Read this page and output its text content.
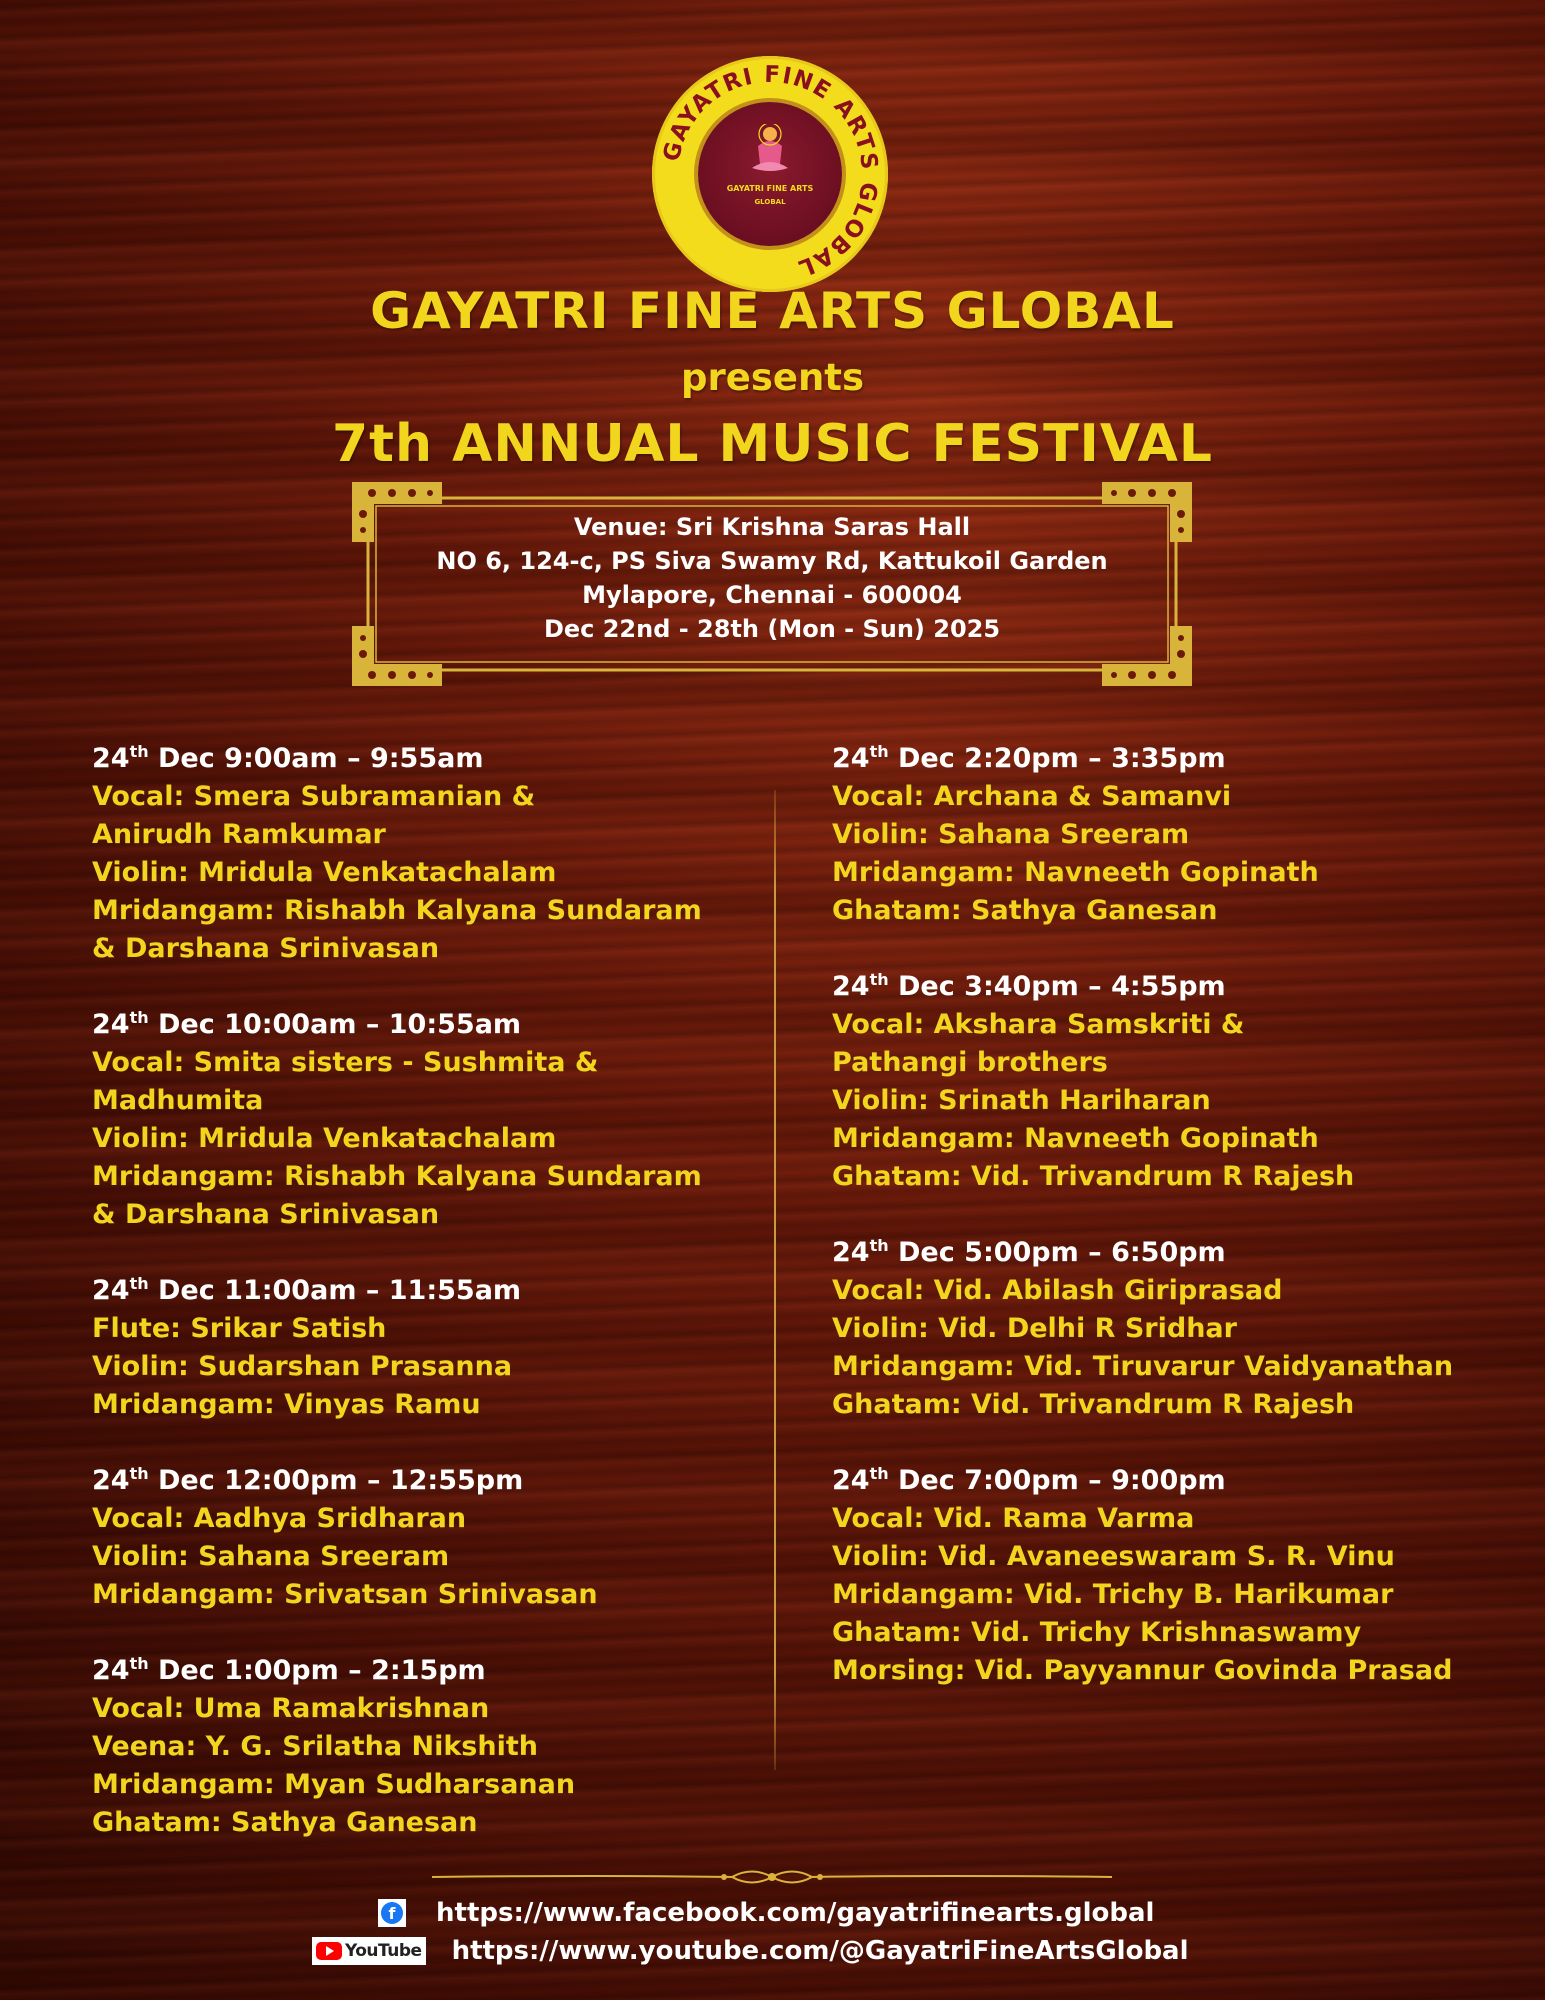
GAYATRI FINE ARTS GLOBAL
GAYATRI FINE ARTS
GLOBAL
GAYATRI FINE ARTS GLOBAL
presents
7th ANNUAL MUSIC FESTIVAL
Venue: Sri Krishna Saras Hall
NO 6, 124-c, PS Siva Swamy Rd, Kattukoil Garden
Mylapore, Chennai - 600004
Dec 22nd - 28th (Mon - Sun) 2025
24th Dec 9:00am – 9:55am
Vocal: Smera Subramanian &
Anirudh Ramkumar
Violin: Mridula Venkatachalam
Mridangam: Rishabh Kalyana Sundaram
& Darshana Srinivasan
24th Dec 10:00am – 10:55am
Vocal: Smita sisters - Sushmita &
Madhumita
Violin: Mridula Venkatachalam
Mridangam: Rishabh Kalyana Sundaram
& Darshana Srinivasan
24th Dec 11:00am – 11:55am
Flute: Srikar Satish
Violin: Sudarshan Prasanna
Mridangam: Vinyas Ramu
24th Dec 12:00pm – 12:55pm
Vocal: Aadhya Sridharan
Violin: Sahana Sreeram
Mridangam: Srivatsan Srinivasan
24th Dec 1:00pm – 2:15pm
Vocal: Uma Ramakrishnan
Veena: Y. G. Srilatha Nikshith
Mridangam: Myan Sudharsanan
Ghatam: Sathya Ganesan
24th Dec 2:20pm – 3:35pm
Vocal: Archana & Samanvi
Violin: Sahana Sreeram
Mridangam: Navneeth Gopinath
Ghatam: Sathya Ganesan
24th Dec 3:40pm – 4:55pm
Vocal: Akshara Samskriti &
Pathangi brothers
Violin: Srinath Hariharan
Mridangam: Navneeth Gopinath
Ghatam: Vid. Trivandrum R Rajesh
24th Dec 5:00pm – 6:50pm
Vocal: Vid. Abilash Giriprasad
Violin: Vid. Delhi R Sridhar
Mridangam: Vid. Tiruvarur Vaidyanathan
Ghatam: Vid. Trivandrum R Rajesh
24th Dec 7:00pm – 9:00pm
Vocal: Vid. Rama Varma
Violin: Vid. Avaneeswaram S. R. Vinu
Mridangam: Vid. Trichy B. Harikumar
Ghatam: Vid. Trichy Krishnaswamy
Morsing: Vid. Payyannur Govinda Prasad
f https://www.facebook.com/gayatrifinearts.global
YouTube https://www.youtube.com/@GayatriFineArtsGlobal
